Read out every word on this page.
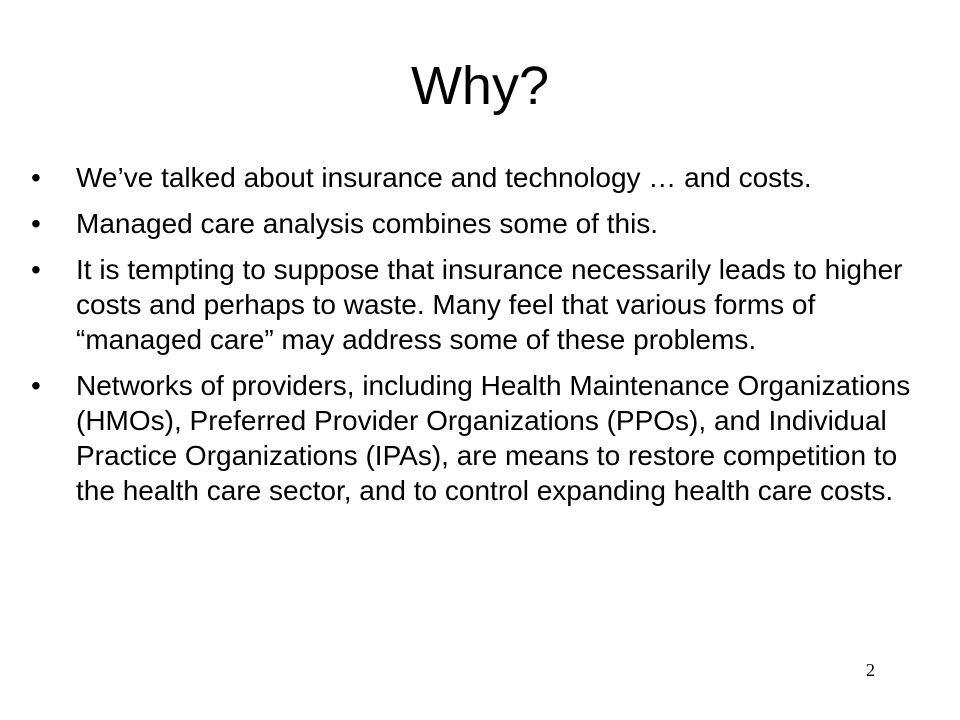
Why?
• We’ve talked about insurance and technology … and costs.
• Managed care analysis combines some of this.
• It is tempting to suppose that insurance necessarily leads to higher costs and perhaps to waste. Many feel that various forms of “managed care” may address some of these problems.
• Networks of providers, including Health Maintenance Organizations (HMOs), Preferred Provider Organizations (PPOs), and Individual Practice Organizations (IPAs), are means to restore competition to the health care sector, and to control expanding health care costs.
2
